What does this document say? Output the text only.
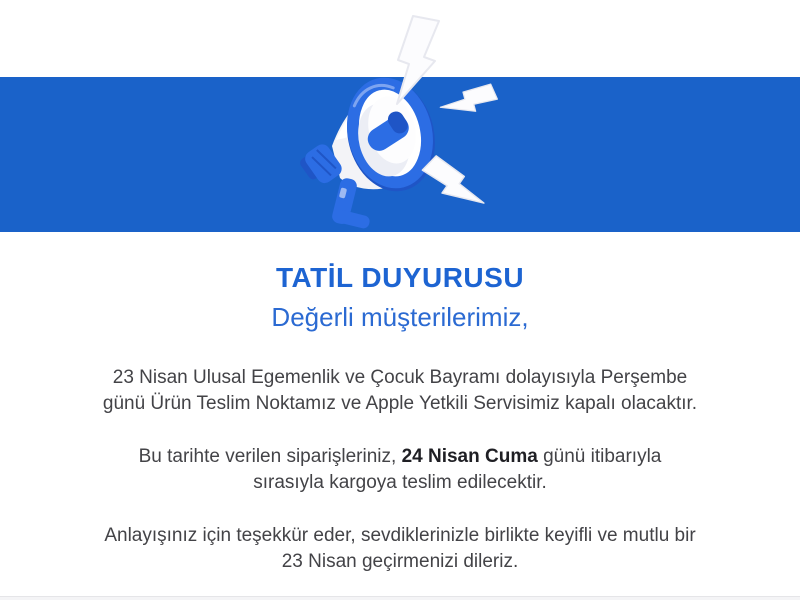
TATİL DUYURUSU
Değerli müşterilerimiz,

23 Nisan Ulusal Egemenlik ve Çocuk Bayramı dolayısıyla Perşembe
günü Ürün Teslim Noktamız ve Apple Yetkili Servisimiz kapalı olacaktır.

Bu tarihte verilen siparişleriniz, 24 Nisan Cuma günü itibarıyla
sırasıyla kargoya teslim edilecektir.

Anlayışınız için teşekkür eder, sevdiklerinizle birlikte keyifli ve mutlu bir
23 Nisan geçirmenizi dileriz.
